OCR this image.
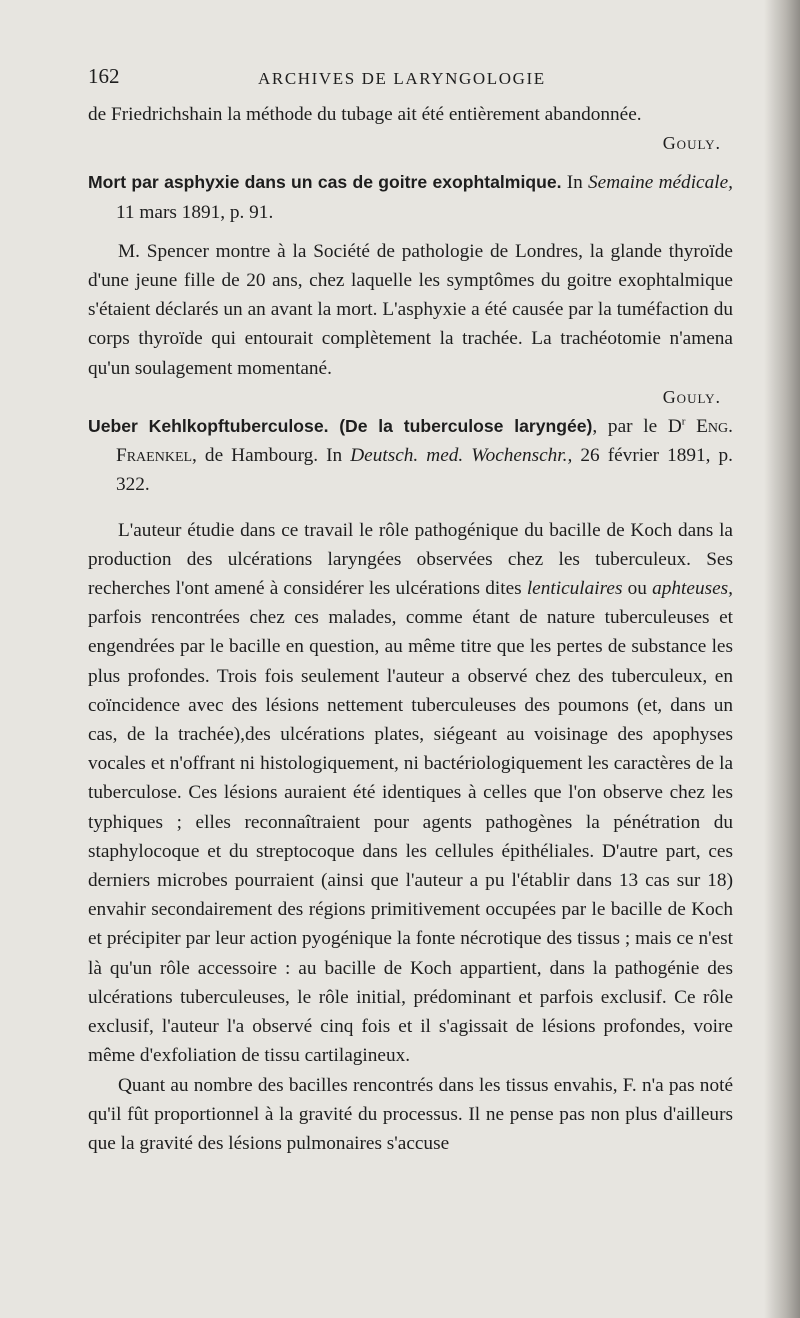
162	ARCHIVES DE LARYNGOLOGIE

de Friedrichshain la méthode du tubage ait été entièrement abandonnée.

Gouly.

Mort par asphyxie dans un cas de goitre exophtalmique. In Semaine médicale, 11 mars 1891, p. 91.

M. Spencer montre à la Société de pathologie de Londres, la glande thyroïde d'une jeune fille de 20 ans, chez laquelle les symptômes du goitre exophtalmique s'étaient déclarés un an avant la mort. L'asphyxie a été causée par la tuméfaction du corps thyroïde qui entourait complètement la trachée. La trachéotomie n'amena qu'un soulagement momentané.

Gouly.

Ueber Kehlkopftuberculose. (De la tuberculose laryngée), par le $D^r$ Eng. Fraenkel, de Hambourg. In Deutsch. med. Wochenschr., 26 février 1891, p. 322.

L'auteur étudie dans ce travail le rôle pathogénique du bacille de Koch dans la production des ulcérations laryngées observées chez les tuberculeux. Ses recherches l'ont amené à considérer les ulcérations dites lenticulaires ou aphteuses, parfois rencontrées chez ces malades, comme étant de nature tuberculeuses et engendrées par le bacille en question, au même titre que les pertes de substance les plus profondes. Trois fois seulement l'auteur a observé chez des tuberculeux, en coïncidence avec des lésions nettement tuberculeuses des poumons (et, dans un cas, de la trachée),des ulcérations plates, siégeant au voisinage des apophyses vocales et n'offrant ni histologiquement, ni bactériologiquement les caractères de la tuberculose. Ces lésions auraient été identiques à celles que l'on observe chez les typhiques ; elles reconnaîtraient pour agents pathogènes la pénétration du staphylocoque et du streptocoque dans les cellules épithéliales. D'autre part, ces derniers microbes pourraient (ainsi que l'auteur a pu l'établir dans 13 cas sur 18) envahir secondairement des régions primitivement occupées par le bacille de Koch et précipiter par leur action pyogénique la fonte nécrotique des tissus ; mais ce n'est là qu'un rôle accessoire : au bacille de Koch appartient, dans la pathogénie des ulcérations tuberculeuses, le rôle initial, prédominant et parfois exclusif. Ce rôle exclusif, l'auteur l'a observé cinq fois et il s'agissait de lésions profondes, voire même d'exfoliation de tissu cartilagineux.

Quant au nombre des bacilles rencontrés dans les tissus envahis, F. n'a pas noté qu'il fût proportionnel à la gravité du processus. Il ne pense pas non plus d'ailleurs que la gravité des lésions pulmonaires s'accuse
